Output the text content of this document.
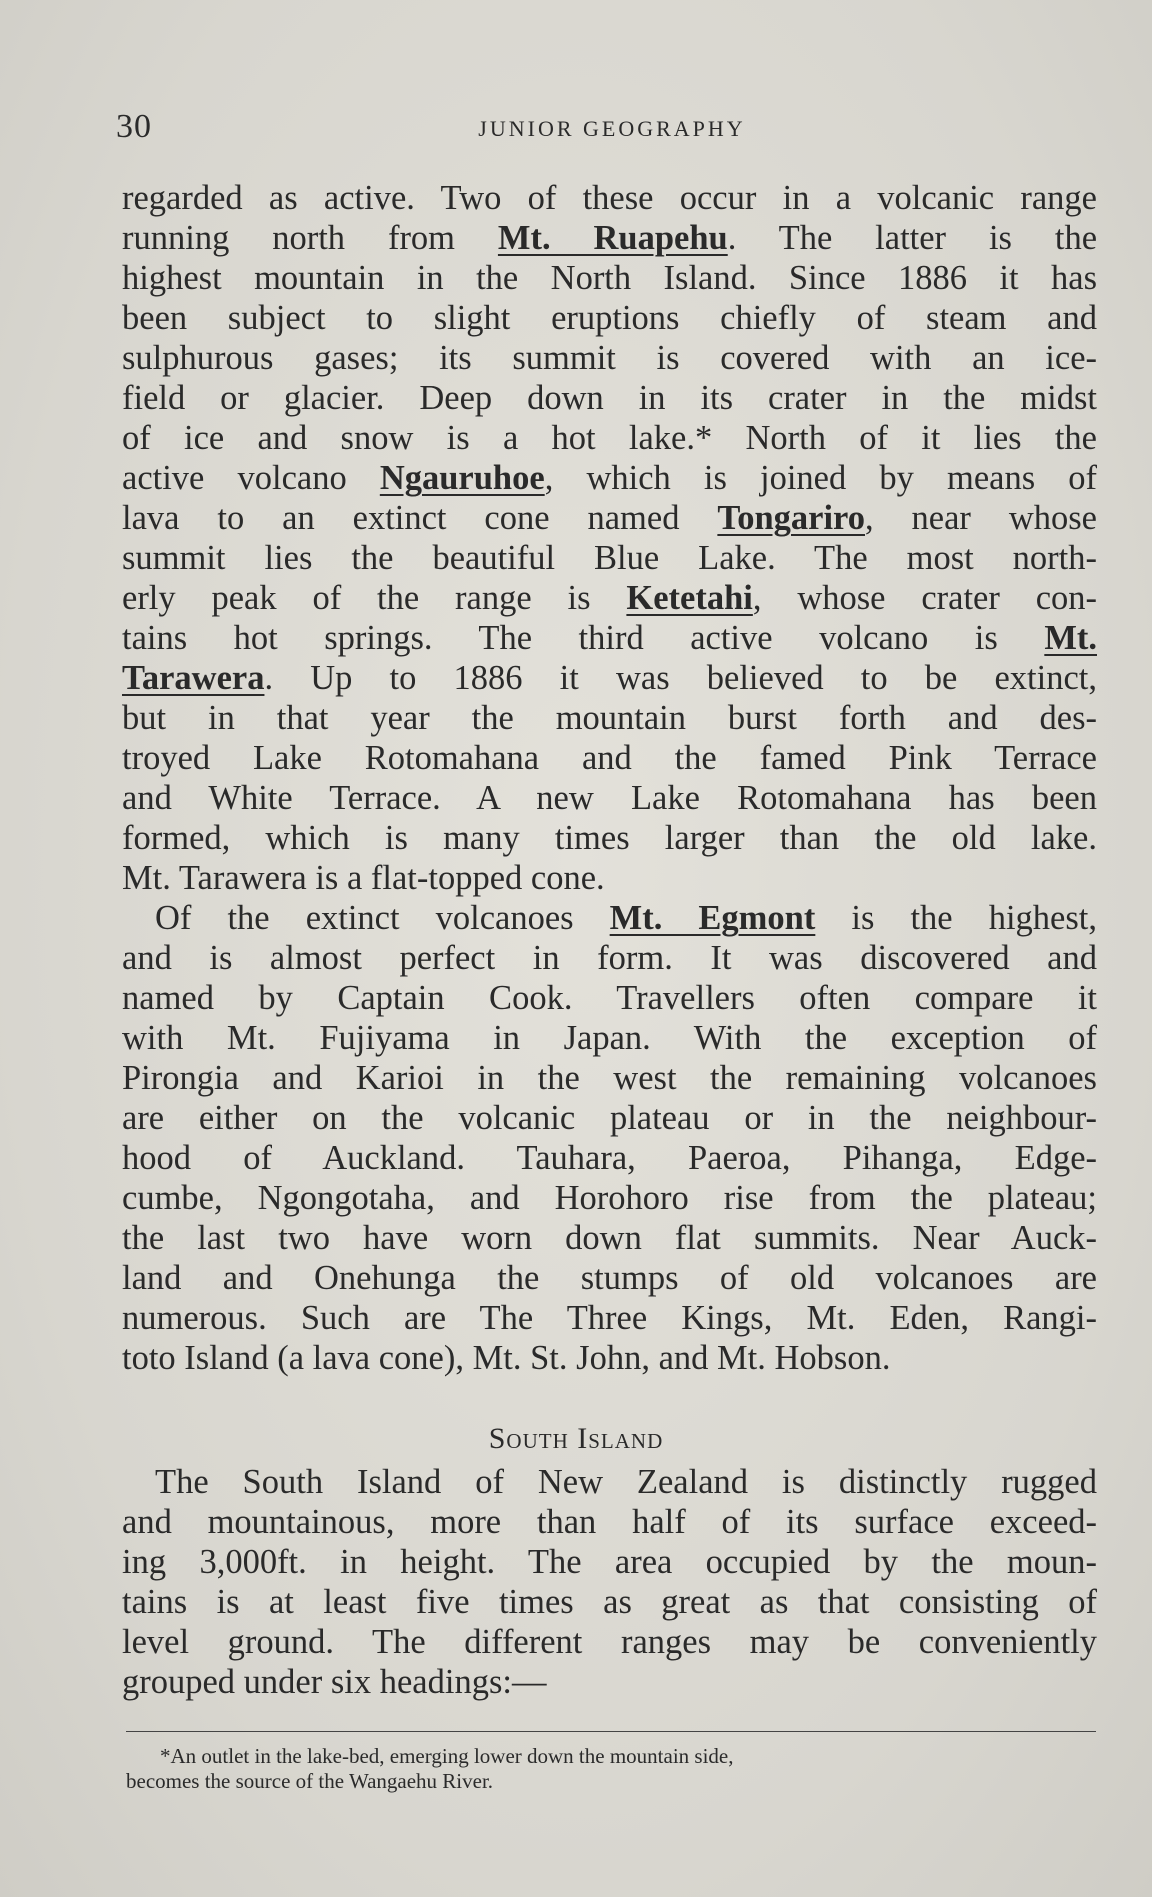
30	JUNIOR GEOGRAPHY
regarded as active. Two of these occur in a volcanic range
running north from Mt. Ruapehu. The latter is the
highest mountain in the North Island. Since 1886 it has
been subject to slight eruptions chiefly of steam and
sulphurous gases; its summit is covered with an ice-
field or glacier. Deep down in its crater in the midst
of ice and snow is a hot lake.* North of it lies the
active volcano Ngauruhoe, which is joined by means of
lava to an extinct cone named Tongariro, near whose
summit lies the beautiful Blue Lake. The most north-
erly peak of the range is Ketetahi, whose crater con-
tains hot springs. The third active volcano is Mt.
Tarawera. Up to 1886 it was believed to be extinct,
but in that year the mountain burst forth and des-
troyed Lake Rotomahana and the famed Pink Terrace
and White Terrace. A new Lake Rotomahana has been
formed, which is many times larger than the old lake.
Mt. Tarawera is a flat-topped cone.
Of the extinct volcanoes Mt. Egmont is the highest,
and is almost perfect in form. It was discovered and
named by Captain Cook. Travellers often compare it
with Mt. Fujiyama in Japan. With the exception of
Pirongia and Karioi in the west the remaining volcanoes
are either on the volcanic plateau or in the neighbour-
hood of Auckland. Tauhara, Paeroa, Pihanga, Edge-
cumbe, Ngongotaha, and Horohoro rise from the plateau;
the last two have worn down flat summits. Near Auck-
land and Onehunga the stumps of old volcanoes are
numerous. Such are The Three Kings, Mt. Eden, Rangi-
toto Island (a lava cone), Mt. St. John, and Mt. Hobson.
South Island
The South Island of New Zealand is distinctly rugged
and mountainous, more than half of its surface exceed-
ing 3,000ft. in height. The area occupied by the moun-
tains is at least five times as great as that consisting of
level ground. The different ranges may be conveniently
grouped under six headings:—
*An outlet in the lake-bed, emerging lower down the mountain side,
becomes the source of the Wangaehu River.
